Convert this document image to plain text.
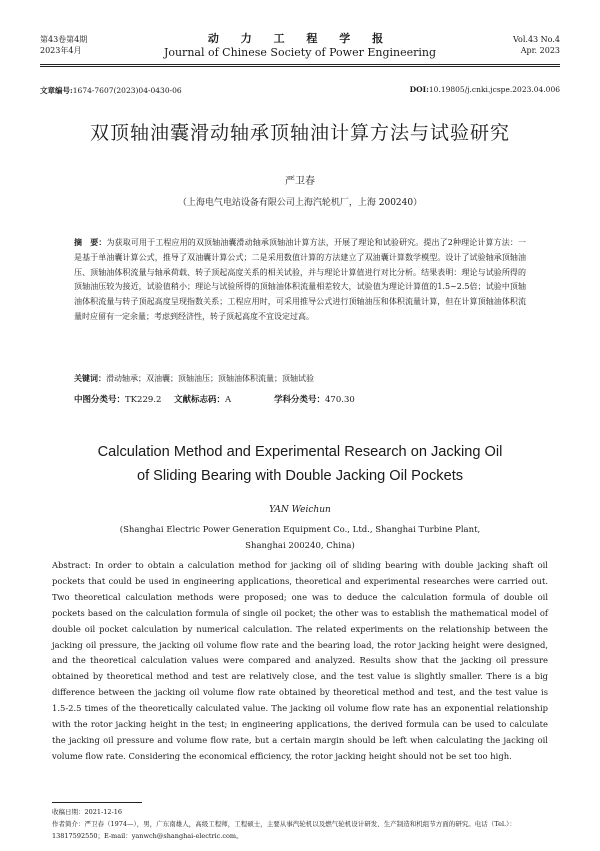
第43卷第4期
2023年4月
动 力 工 程 学 报
Journal of Chinese Society of Power Engineering
Vol.43 No.4
Apr. 2023
文章编号:1674-7607(2023)04-0430-06	DOI:10.19805/j.cnki.jcspe.2023.04.006
双顶轴油囊滑动轴承顶轴油计算方法与试验研究
严卫春
（上海电气电站设备有限公司上海汽轮机厂，上海 200240）
摘　要：为获取可用于工程应用的双顶轴油囊滑动轴承顶轴油计算方法，开展了理论和试验研究。提出了2种理论计算方法：一是基于单油囊计算公式，推导了双油囊计算公式；二是采用数值计算的方法建立了双油囊计算数学模型。设计了试验轴承顶轴油压、顶轴油体积流量与轴承荷载、转子顶起高度关系的相关试验，并与理论计算值进行对比分析。结果表明：理论与试验所得的顶轴油压较为接近，试验值稍小；理论与试验所得的顶轴油体积流量相差较大，试验值为理论计算值的1.5~2.5倍；试验中顶轴油体积流量与转子顶起高度呈现指数关系；工程应用时，可采用推导公式进行顶轴油压和体积流量计算，但在计算顶轴油体积流量时应留有一定余量；考虑到经济性，转子顶起高度不宜设定过高。
关键词：滑动轴承；双油囊；顶轴油压；顶轴油体积流量；顶轴试验
中图分类号：TK229.2 文献标志码：A	学科分类号：470.30
Calculation Method and Experimental Research on Jacking Oil
of Sliding Bearing with Double Jacking Oil Pockets
YAN Weichun
(Shanghai Electric Power Generation Equipment Co., Ltd., Shanghai Turbine Plant,
Shanghai 200240, China)
Abstract: In order to obtain a calculation method for jacking oil of sliding bearing with double jacking shaft oil pockets that could be used in engineering applications, theoretical and experimental researches were carried out. Two theoretical calculation methods were proposed; one was to deduce the calculation formula of double oil pockets based on the calculation formula of single oil pocket; the other was to establish the mathematical model of double oil pocket calculation by numerical calculation. The related experiments on the relationship between the jacking oil pressure, the jacking oil volume flow rate and the bearing load, the rotor jacking height were designed, and the theoretical calculation values were compared and analyzed. Results show that the jacking oil pressure obtained by theoretical method and test are relatively close, and the test value is slightly smaller. There is a big difference between the jacking oil volume flow rate obtained by theoretical method and test, and the test value is 1.5-2.5 times of the theoretically calculated value. The jacking oil volume flow rate has an exponential relationship with the rotor jacking height in the test; in engineering applications, the derived formula can be used to calculate the jacking oil pressure and volume flow rate, but a certain margin should be left when calculating the jacking oil volume flow rate. Considering the economical efficiency, the rotor jacking height should not be set too high.
收稿日期：2021-12-16
作者简介：严卫春（1974—），男，广东南雄人，高级工程师，工程硕士，主要从事汽轮机以及燃气轮机设计研发、生产制造和机组节方面的研究。电话（Tel.）：13817592550；E-mail：yanwch@shanghai-electric.com。
